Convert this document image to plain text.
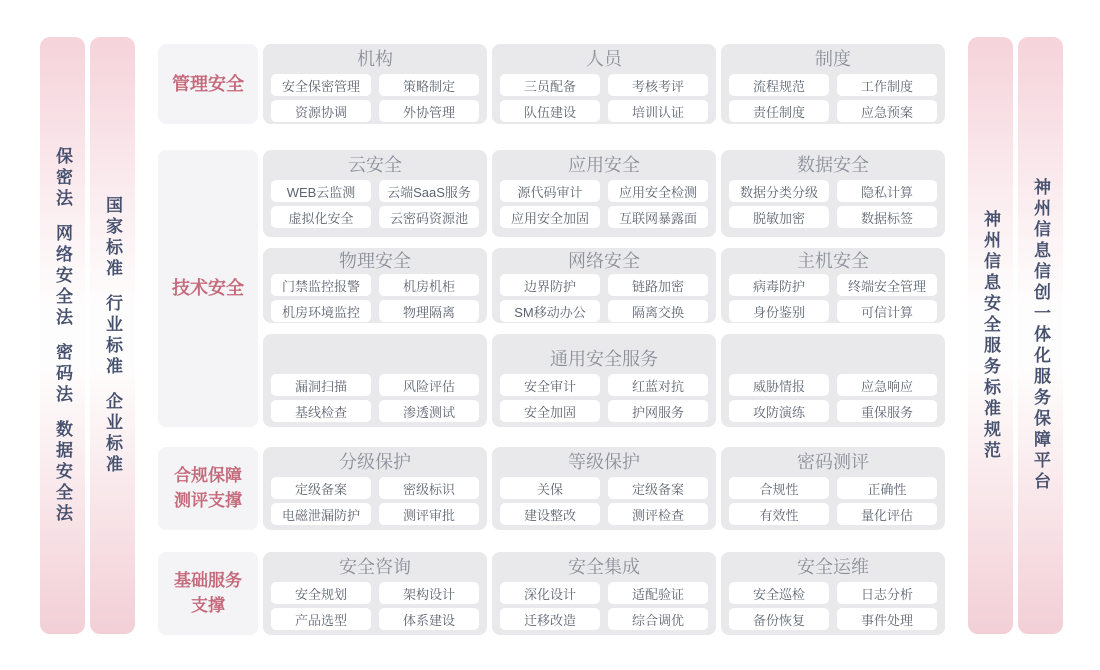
保密法网络安全法密码法数据安全法
国家标准行业标准企业标准	神州信息安全服务标准规范 神州信息信创一体化服务保障平台
管理安全
机构
安全保密管理	策略制定
资源协调	外协管理
人员
三员配备	考核考评
队伍建设	培训认证
制度
流程规范	工作制度
责任制度	应急预案
技术安全
云安全
WEB云监测	云端SaaS服务
虚拟化安全	云密码资源池
应用安全
源代码审计	应用安全检测
应用安全加固	互联网暴露面
数据安全
数据分类分级	隐私计算
脱敏加密	数据标签
物理安全
门禁监控报警	机房机柜
机房环境监控	物理隔离
网络安全
边界防护	链路加密
SM移动办公	隔离交换
主机安全
病毒防护	终端安全管理
身份鉴别	可信计算
漏洞扫描	风险评估
基线检查	渗透测试
通用安全服务
安全审计	红蓝对抗
安全加固	护网服务
威胁情报	应急响应
攻防演练	重保服务
合规保障
测评支撑
分级保护
定级备案	密级标识
电磁泄漏防护	测评审批
等级保护
关保	定级备案
建设整改	测评检查
密码测评
合规性	正确性
有效性	量化评估
基础服务
支撑
安全咨询
安全规划	架构设计
产品选型	体系建设
安全集成
深化设计	适配验证
迁移改造	综合调优
安全运维
安全巡检	日志分析
备份恢复	事件处理
